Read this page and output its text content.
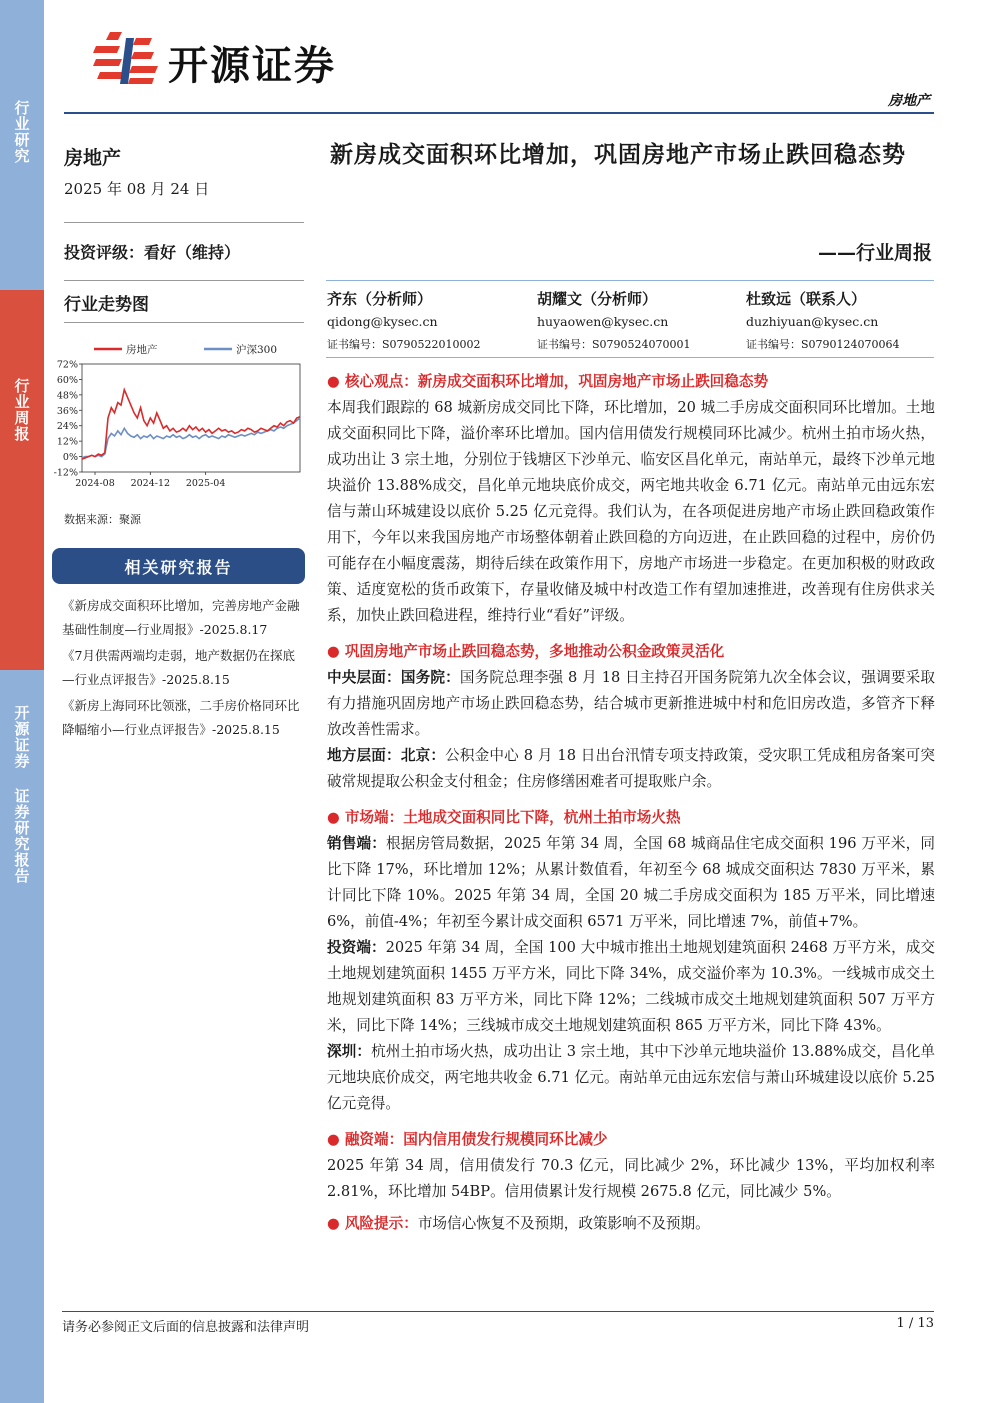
行业研究
行业周报
开源证券 证券研究报告
开源证券
房地产
房地产
2025 年 08 月 24 日
投资评级：看好（维持）
行业走势图
72%
60%
48%
36%
24%
12%
0%
-12%
2024-08 2024-12 2025-04
房地产	沪深300
数据来源：聚源
相关研究报告
《新房成交面积环比增加，完善房地产金融基础性制度—行业周报》-2025.8.17
《7月供需两端均走弱，地产数据仍在探底—行业点评报告》-2025.8.15
《新房上海同环比领涨，二手房价格同环比降幅缩小—行业点评报告》-2025.8.15
新房成交面积环比增加，巩固房地产市场止跌回稳态势
——行业周报
齐东（分析师）
qidong@kysec.cn
证书编号：S0790522010002
胡耀文（分析师）
huyaowen@kysec.cn
证书编号：S0790524070001
杜致远（联系人）
duzhiyuan@kysec.cn
证书编号：S0790124070064
● 核心观点：新房成交面积环比增加，巩固房地产市场止跌回稳态势
本周我们跟踪的 68 城新房成交同比下降，环比增加，20 城二手房成交面积同环比增加。土地成交面积同比下降，溢价率环比增加。国内信用债发行规模同环比减少。杭州土拍市场火热，成功出让 3 宗土地，分别位于钱塘区下沙单元、临安区昌化单元，南站单元，最终下沙单元地块溢价 13.88%成交，昌化单元地块底价成交，两宅地共收金 6.71 亿元。南站单元由远东宏信与萧山环城建设以底价 5.25 亿元竞得。我们认为，在各项促进房地产市场止跌回稳政策作用下，今年以来我国房地产市场整体朝着止跌回稳的方向迈进，在止跌回稳的过程中，房价仍可能存在小幅度震荡，期待后续在政策作用下，房地产市场进一步稳定。在更加积极的财政政策、适度宽松的货币政策下，存量收储及城中村改造工作有望加速推进，改善现有住房供求关系，加快止跌回稳进程，维持行业“看好”评级。
● 巩固房地产市场止跌回稳态势，多地推动公积金政策灵活化
中央层面：国务院：国务院总理李强 8 月 18 日主持召开国务院第九次全体会议，强调要采取有力措施巩固房地产市场止跌回稳态势，结合城市更新推进城中村和危旧房改造，多管齐下释放改善性需求。
地方层面：北京：公积金中心 8 月 18 日出台汛情专项支持政策，受灾职工凭成租房备案可突破常规提取公积金支付租金；住房修缮困难者可提取账户余。
● 市场端：土地成交面积同比下降，杭州土拍市场火热
销售端：根据房管局数据，2025 年第 34 周，全国 68 城商品住宅成交面积 196 万平米，同比下降 17%，环比增加 12%；从累计数值看，年初至今 68 城成交面积达 7830 万平米，累计同比下降 10%。2025 年第 34 周，全国 20 城二手房成交面积为 185 万平米，同比增速 6%，前值-4%；年初至今累计成交面积 6571 万平米，同比增速 7%，前值+7%。
投资端：2025 年第 34 周，全国 100 大中城市推出土地规划建筑面积 2468 万平方米，成交土地规划建筑面积 1455 万平方米，同比下降 34%，成交溢价率为 10.3%。一线城市成交土地规划建筑面积 83 万平方米，同比下降 12%；二线城市成交土地规划建筑面积 507 万平方米，同比下降 14%；三线城市成交土地规划建筑面积 865 万平方米，同比下降 43%。
深圳：杭州土拍市场火热，成功出让 3 宗土地，其中下沙单元地块溢价 13.88%成交，昌化单元地块底价成交，两宅地共收金 6.71 亿元。南站单元由远东宏信与萧山环城建设以底价 5.25 亿元竞得。
● 融资端：国内信用债发行规模同环比减少
2025 年第 34 周，信用债发行 70.3 亿元，同比减少 2%，环比减少 13%，平均加权利率 2.81%，环比增加 54BP。信用债累计发行规模 2675.8 亿元，同比减少 5%。
● 风险提示：市场信心恢复不及预期，政策影响不及预期。
请务必参阅正文后面的信息披露和法律声明	1 / 13
